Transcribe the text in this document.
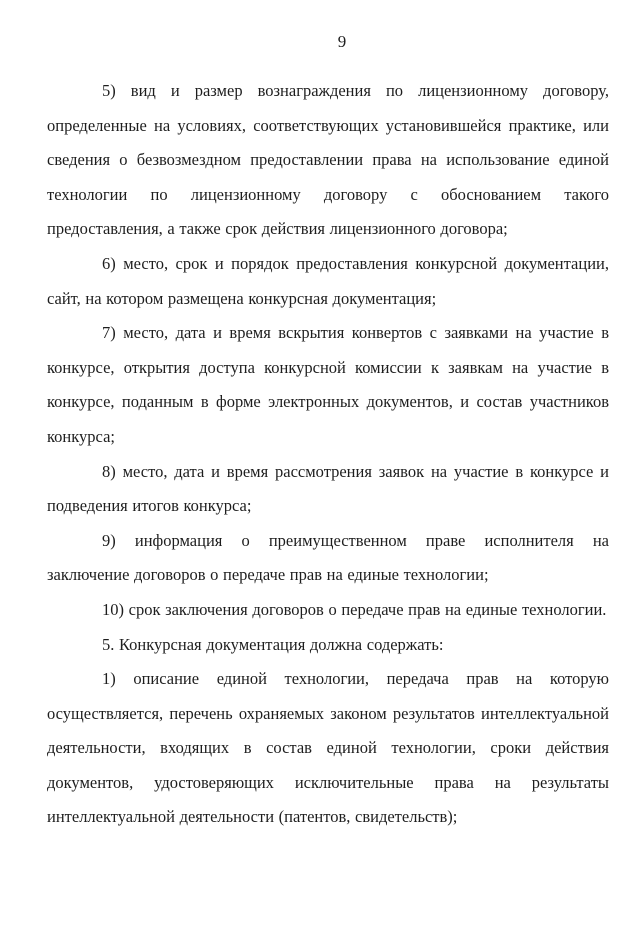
9

5) вид и размер вознаграждения по лицензионному договору, определенные на условиях, соответствующих установившейся практике, или сведения о безвозмездном предоставлении права на использование единой технологии по лицензионному договору с обоснованием такого предоставления, а также срок действия лицензионного договора;

6) место, срок и порядок предоставления конкурсной документации, сайт, на котором размещена конкурсная документация;

7) место, дата и время вскрытия конвертов с заявками на участие в конкурсе, открытия доступа конкурсной комиссии к заявкам на участие в конкурсе, поданным в форме электронных документов, и состав участников конкурса;

8) место, дата и время рассмотрения заявок на участие в конкурсе и подведения итогов конкурса;

9) информация о преимущественном праве исполнителя на заключение договоров о передаче прав на единые технологии;

10) срок заключения договоров о передаче прав на единые технологии.

5. Конкурсная документация должна содержать:

1) описание единой технологии, передача прав на которую осуществляется, перечень охраняемых законом результатов интеллектуальной деятельности, входящих в состав единой технологии, сроки действия документов, удостоверяющих исключительные права на результаты интеллектуальной деятельности (патентов, свидетельств);
